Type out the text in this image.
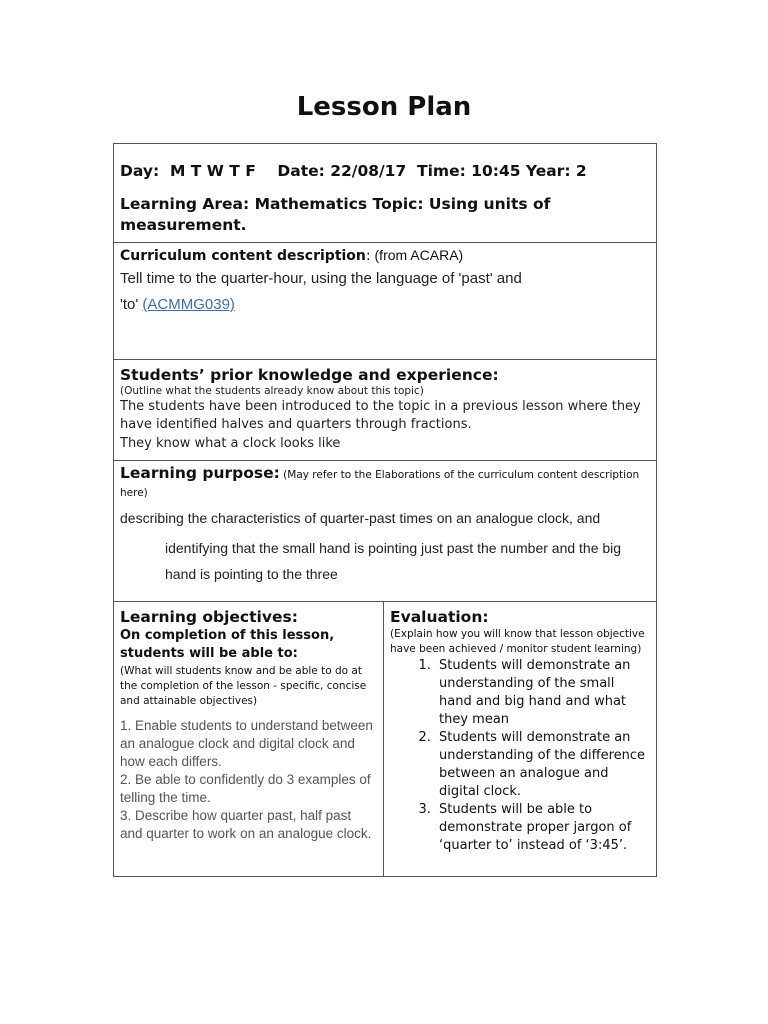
Lesson Plan
Day:  M T W T F    Date: 22/08/17  Time: 10:45 Year: 2
Learning Area: Mathematics Topic: Using units of measurement.

Curriculum content description: (from ACARA)
Tell time to the quarter-hour, using the language of 'past' and 'to' (ACMMG039)

Students’ prior knowledge and experience:
(Outline what the students already know about this topic)
The students have been introduced to the topic in a previous lesson where they have identified halves and quarters through fractions.
They know what a clock looks like

Learning purpose: (May refer to the Elaborations of the curriculum content description here)
describing the characteristics of quarter-past times on an analogue clock, and
identifying that the small hand is pointing just past the number and the big hand is pointing to the three

Learning objectives:
On completion of this lesson, students will be able to:
(What will students know and be able to do at the completion of the lesson - specific, concise and attainable objectives)
1. Enable students to understand between an analogue clock and digital clock and how each differs.
2. Be able to confidently do 3 examples of telling the time.
3. Describe how quarter past, half past and quarter to work on an analogue clock.

Evaluation:
(Explain how you will know that lesson objective have been achieved / monitor student learning)
1. Students will demonstrate an understanding of the small hand and big hand and what they mean
2. Students will demonstrate an understanding of the difference between an analogue and digital clock.
3. Students will be able to demonstrate proper jargon of ‘quarter to’ instead of ‘3:45’.
